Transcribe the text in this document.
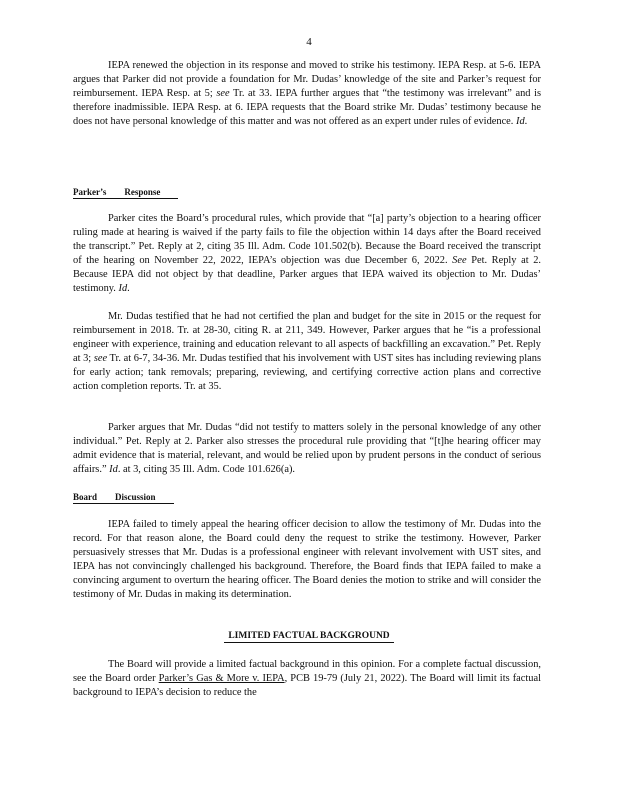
4

IEPA renewed the objection in its response and moved to strike his testimony. IEPA Resp. at 5-6. IEPA argues that Parker did not provide a foundation for Mr. Dudas’ knowledge of the site and Parker’s request for reimbursement. IEPA Resp. at 5; see Tr. at 33. IEPA further argues that “the testimony was irrelevant” and is therefore inadmissible. IEPA Resp. at 6. IEPA requests that the Board strike Mr. Dudas’ testimony because he does not have personal knowledge of this matter and was not offered as an expert under rules of evidence. Id.

Parker’s Response

Parker cites the Board’s procedural rules, which provide that “[a] party’s objection to a hearing officer ruling made at hearing is waived if the party fails to file the objection within 14 days after the Board received the transcript.” Pet. Reply at 2, citing 35 Ill. Adm. Code 101.502(b). Because the Board received the transcript of the hearing on November 22, 2022, IEPA’s objection was due December 6, 2022. See Pet. Reply at 2. Because IEPA did not object by that deadline, Parker argues that IEPA waived its objection to Mr. Dudas’ testimony. Id.

Mr. Dudas testified that he had not certified the plan and budget for the site in 2015 or the request for reimbursement in 2018. Tr. at 28-30, citing R. at 211, 349. However, Parker argues that he “is a professional engineer with experience, training and education relevant to all aspects of backfilling an excavation.” Pet. Reply at 3; see Tr. at 6-7, 34-36. Mr. Dudas testified that his involvement with UST sites has including reviewing plans for early action; tank removals; preparing, reviewing, and certifying corrective action plans and corrective action completion reports. Tr. at 35.

Parker argues that Mr. Dudas “did not testify to matters solely in the personal knowledge of any other individual.” Pet. Reply at 2. Parker also stresses the procedural rule providing that “[t]he hearing officer may admit evidence that is material, relevant, and would be relied upon by prudent persons in the conduct of serious affairs.” Id. at 3, citing 35 Ill. Adm. Code 101.626(a).

Board Discussion

IEPA failed to timely appeal the hearing officer decision to allow the testimony of Mr. Dudas into the record. For that reason alone, the Board could deny the request to strike the testimony. However, Parker persuasively stresses that Mr. Dudas is a professional engineer with relevant involvement with UST sites, and IEPA has not convincingly challenged his background. Therefore, the Board finds that IEPA failed to make a convincing argument to overturn the hearing officer. The Board denies the motion to strike and will consider the testimony of Mr. Dudas in making its determination.

LIMITED FACTUAL BACKGROUND

The Board will provide a limited factual background in this opinion. For a complete factual discussion, see the Board order Parker’s Gas & More v. IEPA, PCB 19-79 (July 21, 2022). The Board will limit its factual background to IEPA’s decision to reduce the
